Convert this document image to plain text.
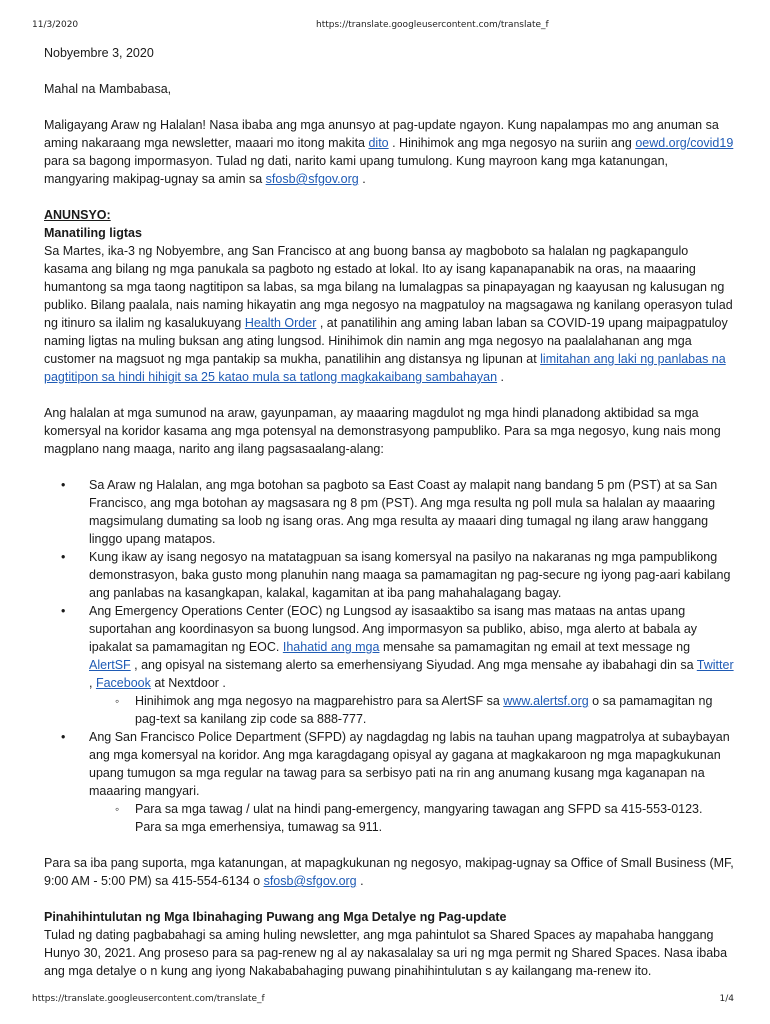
11/3/2020	https://translate.googleusercontent.com/translate_f

Nobyembre 3, 2020

Mahal na Mambabasa,

Maligayang Araw ng Halalan! Nasa ibaba ang mga anunsyo at pag-update ngayon. Kung napalampas mo ang anuman sa aming nakaraang mga newsletter, maaari mo itong makita dito . Hinihimok ang mga negosyo na suriin ang oewd.org/covid19 para sa bagong impormasyon. Tulad ng dati, narito kami upang tumulong. Kung mayroon kang mga katanungan, mangyaring makipag-ugnay sa amin sa sfosb@sfgov.org .

ANUNSYO:

Manatiling ligtas

Sa Martes, ika-3 ng Nobyembre, ang San Francisco at ang buong bansa ay magboboto sa halalan ng pagkapangulo kasama ang bilang ng mga panukala sa pagboto ng estado at lokal. Ito ay isang kapanapanabik na oras, na maaaring humantong sa mga taong nagtitipon sa labas, sa mga bilang na lumalagpas sa pinapayagan ng kaayusan ng kalusugan ng publiko. Bilang paalala, nais naming hikayatin ang mga negosyo na magpatuloy na magsagawa ng kanilang operasyon tulad ng itinuro sa ilalim ng kasalukuyang Health Order , at panatilihin ang aming laban laban sa COVID-19 upang maipagpatuloy naming ligtas na muling buksan ang ating lungsod. Hinihimok din namin ang mga negosyo na paalalahanan ang mga customer na magsuot ng mga pantakip sa mukha, panatilihin ang distansya ng lipunan at limitahan ang laki ng panlabas na pagtitipon sa hindi hihigit sa 25 katao mula sa tatlong magkakaibang sambahayan .

Ang halalan at mga sumunod na araw, gayunpaman, ay maaaring magdulot ng mga hindi planadong aktibidad sa mga komersyal na koridor kasama ang mga potensyal na demonstrasyong pampubliko. Para sa mga negosyo, kung nais mong magplano nang maaga, narito ang ilang pagsasaalang-alang:

• Sa Araw ng Halalan, ang mga botohan sa pagboto sa East Coast ay malapit nang bandang 5 pm (PST) at sa San Francisco, ang mga botohan ay magsasara ng 8 pm (PST). Ang mga resulta ng poll mula sa halalan ay maaaring magsimulang dumating sa loob ng isang oras. Ang mga resulta ay maaari ding tumagal ng ilang araw hanggang linggo upang matapos.
• Kung ikaw ay isang negosyo na matatagpuan sa isang komersyal na pasilyo na nakaranas ng mga pampublikong demonstrasyon, baka gusto mong planuhin nang maaga sa pamamagitan ng pag-secure ng iyong pag-aari kabilang ang panlabas na kasangkapan, kalakal, kagamitan at iba pang mahahalagang bagay.
• Ang Emergency Operations Center (EOC) ng Lungsod ay isasaaktibo sa isang mas mataas na antas upang suportahan ang koordinasyon sa buong lungsod. Ang impormasyon sa publiko, abiso, mga alerto at babala ay ipakalat sa pamamagitan ng EOC. Ihahatid ang mga mensahe sa pamamagitan ng email at text message ng AlertSF , ang opisyal na sistemang alerto sa emerhensiyang Siyudad. Ang mga mensahe ay ibabahagi din sa Twitter , Facebook at Nextdoor .
◦ Hinihimok ang mga negosyo na magparehistro para sa AlertSF sa www.alertsf.org o sa pamamagitan ng pag-text sa kanilang zip code sa 888-777.
• Ang San Francisco Police Department (SFPD) ay nagdagdag ng labis na tauhan upang magpatrolya at subaybayan ang mga komersyal na koridor. Ang mga karagdagang opisyal ay gagana at magkakaroon ng mga mapagkukunan upang tumugon sa mga regular na tawag para sa serbisyo pati na rin ang anumang kusang mga kaganapan na maaaring mangyari.
◦ Para sa mga tawag / ulat na hindi pang-emergency, mangyaring tawagan ang SFPD sa 415-553-0123.
Para sa mga emerhensiya, tumawag sa 911.

Para sa iba pang suporta, mga katanungan, at mapagkukunan ng negosyo, makipag-ugnay sa Office of Small Business (MF, 9:00 AM - 5:00 PM) sa 415-554-6134 o sfosb@sfgov.org .

Pinahihintulutan ng Mga Ibinahaging Puwang ang Mga Detalye ng Pag-update

Tulad ng dating pagbabahagi sa aming huling newsletter, ang mga pahintulot sa Shared Spaces ay mapahaba hanggang Hunyo 30, 2021. Ang proseso para sa pag-renew ng al ay nakasalalay sa uri ng mga permit ng Shared Spaces. Nasa ibaba ang mga detalye o n kung ang iyong Nakababahaging puwang pinahihintulutan s ay kailangang ma-renew ito.

https://translate.googleusercontent.com/translate_f	1/4
